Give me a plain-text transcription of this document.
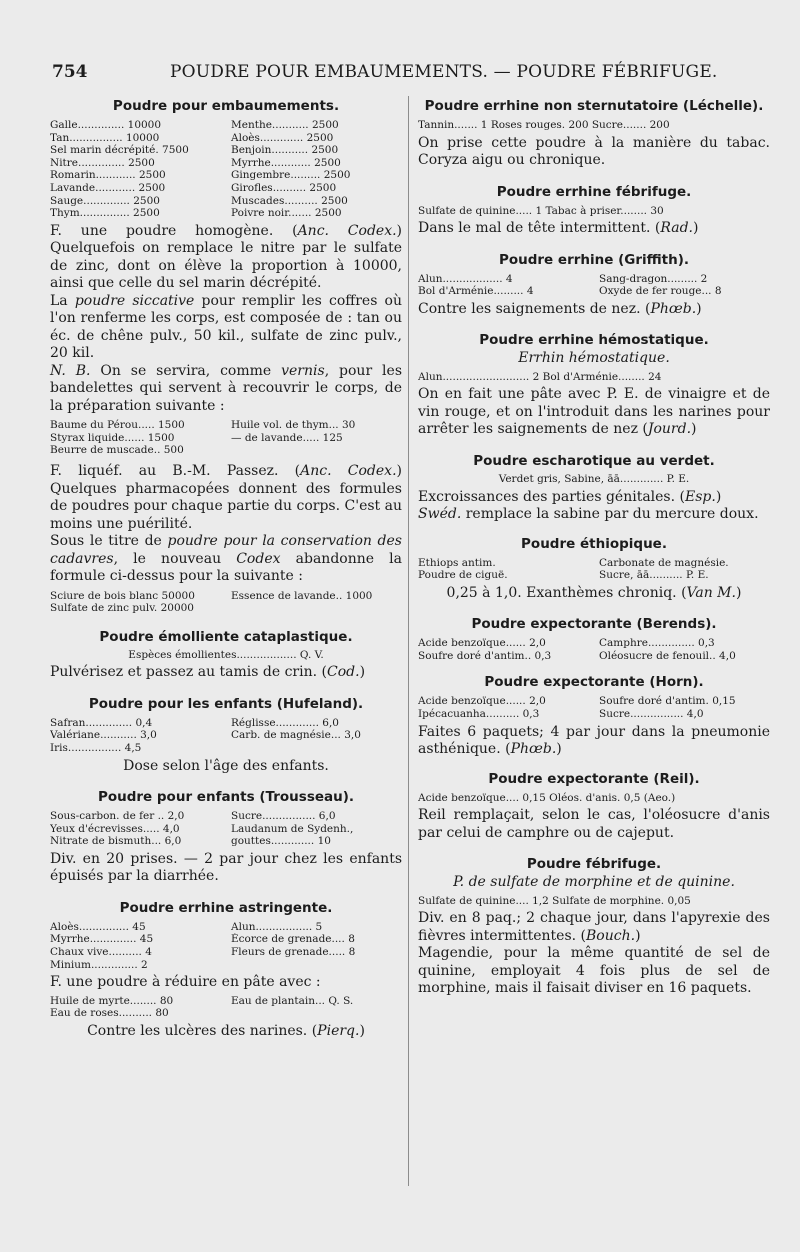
754	POUDRE POUR EMBAUMEMENTS. — POUDRE FÉBRIFUGE.
Poudre pour embaumements.
Galle.............. 10000	Menthe........... 2500
Tan................ 10000	Aloès............. 2500
Sel marin décrépité. 7500	Benjoin........... 2500
Nitre.............. 2500	Myrrhe............ 2500
Romarin............ 2500	Gingembre......... 2500
Lavande............ 2500	Girofles.......... 2500
Sauge.............. 2500	Muscades.......... 2500
Thym............... 2500	Poivre noir....... 2500

F. une poudre homogène. (Anc. Codex.) Quelquefois on remplace le nitre par le sulfate de zinc, dont on élève la proportion à 10000, ainsi que celle du sel marin décrépité.

La poudre siccative pour remplir les coffres où l'on renferme les corps, est composée de : tan ou éc. de chêne pulv., 50 kil., sulfate de zinc pulv., 20 kil.

N. B. On se servira, comme vernis, pour les bandelettes qui servent à recouvrir le corps, de la préparation suivante :

Baume du Pérou..... 1500	Huile vol. de thym... 30
Styrax liquide...... 1500	— de lavande..... 125
Beurre de muscade.. 500

F. liquéf. au B.-M. Passez. (Anc. Codex.) Quelques pharmacopées donnent des formules de poudres pour chaque partie du corps. C'est au moins une puérilité.

Sous le titre de poudre pour la conservation des cadavres, le nouveau Codex abandonne la formule ci-dessus pour la suivante :

Sciure de bois blanc 50000	Essence de lavande.. 1000
Sulfate de zinc pulv. 20000
Poudre émolliente cataplastique.
Espèces émollientes.................. Q. V.

Pulvérisez et passez au tamis de crin. (Cod.)

Poudre pour les enfants (Hufeland).
Safran.............. 0,4	Réglisse............. 6,0
Valériane........... 3,0	Carb. de magnésie... 3,0
Iris................ 4,5

Dose selon l'âge des enfants.

Poudre pour enfants (Trousseau).
Sous-carbon. de fer .. 2,0	Sucre................ 6,0
Yeux d'écrevisses..... 4,0	Laudanum de Sydenh.,
Nitrate de bismuth... 6,0	gouttes............. 10

Div. en 20 prises. — 2 par jour chez les enfants épuisés par la diarrhée.

Poudre errhine astringente.
Aloès............... 45	Alun................. 5
Myrrhe.............. 45	Écorce de grenade.... 8
Chaux vive.......... 4	Fleurs de grenade..... 8
Minium.............. 2

F. une poudre à réduire en pâte avec :

Huile de myrte........ 80	Eau de plantain... Q. S.
Eau de roses.......... 80

Contre les ulcères des narines. (Pierq.)

Poudre errhine non sternutatoire (Léchelle).
Tannin....... 1 Roses rouges. 200 Sucre....... 200

On prise cette poudre à la manière du tabac. Coryza aigu ou chronique.

Poudre errhine fébrifuge.
Sulfate de quinine..... 1 Tabac à priser........ 30

Dans le mal de tête intermittent. (Rad.)

Poudre errhine (Griffith).
Alun.................. 4	Sang-dragon......... 2
Bol d'Arménie......... 4	Oxyde de fer rouge... 8

Contre les saignements de nez. (Phœb.)

Poudre errhine hémostatique.

Errhin hémostatique.

Alun.......................... 2 Bol d'Arménie........ 24

On en fait une pâte avec P. E. de vinaigre et de vin rouge, et on l'introduit dans les narines pour arrêter les saignements de nez (Jourd.)

Poudre escharotique au verdet.
Verdet gris, Sabine, āā............. P. E.

Excroissances des parties génitales. (Esp.)
Swéd. remplace la sabine par du mercure doux.

Poudre éthiopique.
Ethiops antim.	Carbonate de magnésie.
Poudre de ciguë.	Sucre, āā.......... P. E.

0,25 à 1,0. Exanthèmes chroniq. (Van M.)

Poudre expectorante (Berends).
Acide benzoïque...... 2,0	Camphre.............. 0,3
Soufre doré d'antim.. 0,3	Oléosucre de fenouil.. 4,0
Poudre expectorante (Horn).
Acide benzoïque...... 2,0	Soufre doré d'antim. 0,15
Ipécacuanha.......... 0,3	Sucre................ 4,0

Faites 6 paquets; 4 par jour dans la pneumonie asthénique. (Phœb.)

Poudre expectorante (Reil).
Acide benzoïque.... 0,15 Oléos. d'anis. 0,5 (Aeo.)

Reil remplaçait, selon le cas, l'oléosucre d'anis par celui de camphre ou de cajeput.

Poudre fébrifuge.

P. de sulfate de morphine et de quinine.

Sulfate de quinine.... 1,2 Sulfate de morphine. 0,05

Div. en 8 paq.; 2 chaque jour, dans l'apyrexie des fièvres intermittentes. (Bouch.)

Magendie, pour la même quantité de sel de quinine, employait 4 fois plus de sel de morphine, mais il faisait diviser en 16 paquets.
